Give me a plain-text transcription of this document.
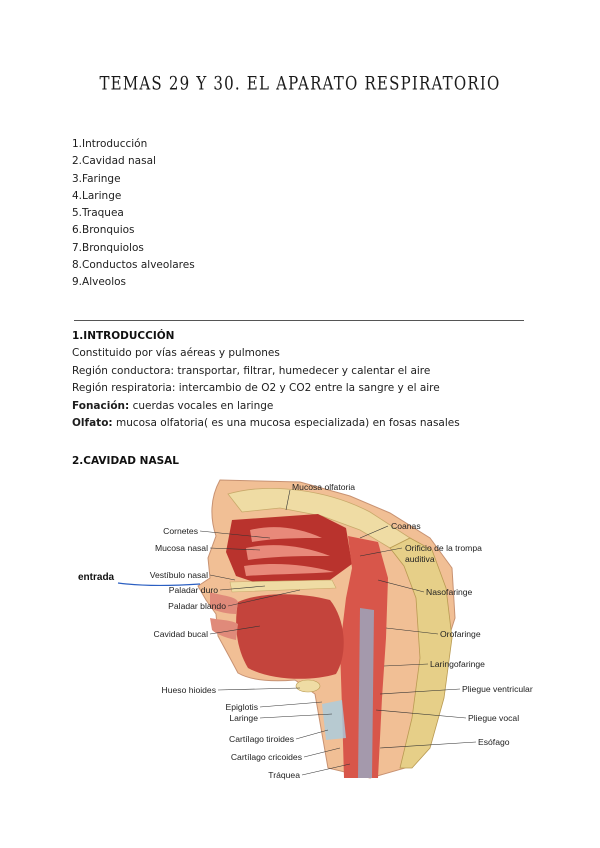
TEMAS 29 Y 30. EL APARATO RESPIRATORIO
1.Introducción
2.Cavidad nasal
3.Faringe
4.Laringe
5.Traquea
6.Bronquios
7.Bronquiolos
8.Conductos alveolares
9.Alveolos
1.INTRODUCCIÓN

Constituido por vías aéreas y pulmones

Región conductora: transportar, filtrar, humedecer y calentar el aire

Región respiratoria: intercambio de O2 y CO2 entre la sangre y el aire

Fonación: cuerdas vocales en laringe

Olfato: mucosa olfatoria( es una mucosa especializada) en fosas nasales

2.CAVIDAD NASAL
Cornetes
Mucosa nasal
Vestíbulo nasal
Paladar duro
Paladar blando
Cavidad bucal
Hueso hioides
Epiglotis
Laringe
Cartílago tiroides
Cartílago cricoides
Tráquea
Mucosa olfatoria
Coanas
Orificio de la trompa
auditiva
Nasofaringe
Orofaringe
Laringofaringe
Pliegue ventricular
Pliegue vocal
Esófago
entrada
